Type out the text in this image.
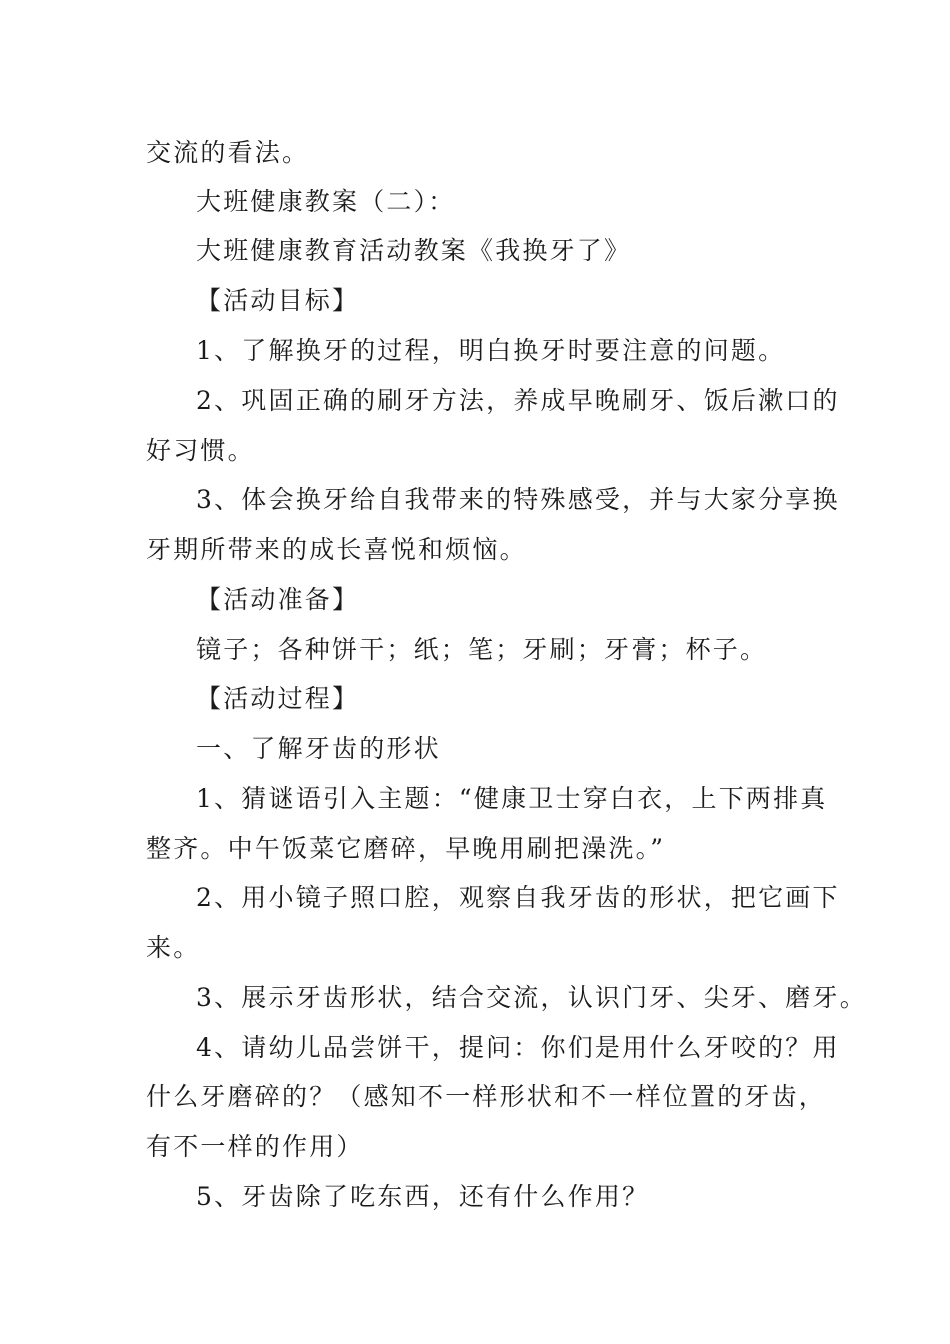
交流的看法。
大班健康教案（二）：
大班健康教育活动教案《我换牙了》
【活动目标】
1、了解换牙的过程，明白换牙时要注意的问题。
2、巩固正确的刷牙方法，养成早晚刷牙、饭后漱口的
好习惯。
3、体会换牙给自我带来的特殊感受，并与大家分享换
牙期所带来的成长喜悦和烦恼。
【活动准备】
镜子；各种饼干；纸；笔；牙刷；牙膏；杯子。
【活动过程】
一、了解牙齿的形状
1、猜谜语引入主题：“健康卫士穿白衣，上下两排真
整齐。中午饭菜它磨碎，早晚用刷把澡洗。”
2、用小镜子照口腔，观察自我牙齿的形状，把它画下
来。
3、展示牙齿形状，结合交流，认识门牙、尖牙、磨牙。
4、请幼儿品尝饼干，提问：你们是用什么牙咬的？用
什么牙磨碎的？（感知不一样形状和不一样位置的牙齿，
有不一样的作用）
5、牙齿除了吃东西，还有什么作用？
